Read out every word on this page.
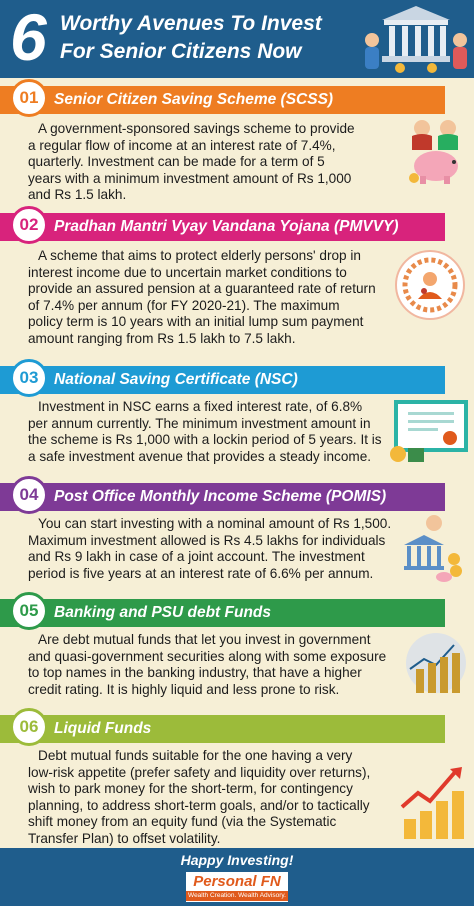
6 Worthy Avenues To Invest
For Senior Citizens Now
01	Senior Citizen Saving Scheme (SCSS)
A government-sponsored savings scheme to provide
a regular flow of income at an interest rate of 7.4%,
quarterly. Investment can be made for a term of 5
years with a minimum investment amount of Rs 1,000
and Rs 1.5 lakh.
02	Pradhan Mantri Vyay Vandana Yojana (PMVVY)
A scheme that aims to protect elderly persons' drop in
interest income due to uncertain market conditions to
provide an assured pension at a guaranteed rate of return
of 7.4% per annum (for FY 2020-21). The maximum
policy term is 10 years with an initial lump sum payment
amount ranging from Rs 1.5 lakh to 7.5 lakh.
03	National Saving Certificate (NSC)
Investment in NSC earns a fixed interest rate, of 6.8%
per annum currently. The minimum investment amount in
the scheme is Rs 1,000 with a lockin period of 5 years. It is
a safe investment avenue that provides a steady income.
04	Post Office Monthly Income Scheme (POMIS)
You can start investing with a nominal amount of Rs 1,500.
Maximum investment allowed is Rs 4.5 lakhs for individuals
and Rs 9 lakh in case of a joint account. The investment
period is five years at an interest rate of 6.6% per annum.
05	Banking and PSU debt Funds
Are debt mutual funds that let you invest in government
and quasi-government securities along with some exposure
to top names in the banking industry, that have a higher
credit rating. It is highly liquid and less prone to risk.
06	Liquid Funds
Debt mutual funds suitable for the one having a very
low-risk appetite (prefer safety and liquidity over returns),
wish to park money for the short-term, for contingency
planning, to address short-term goals, and/or to tactically
shift money from an equity fund (via the Systematic
Transfer Plan) to offset volatility.
Happy Investing!
Personal FN
Wealth Creation. Wealth Advisory.
